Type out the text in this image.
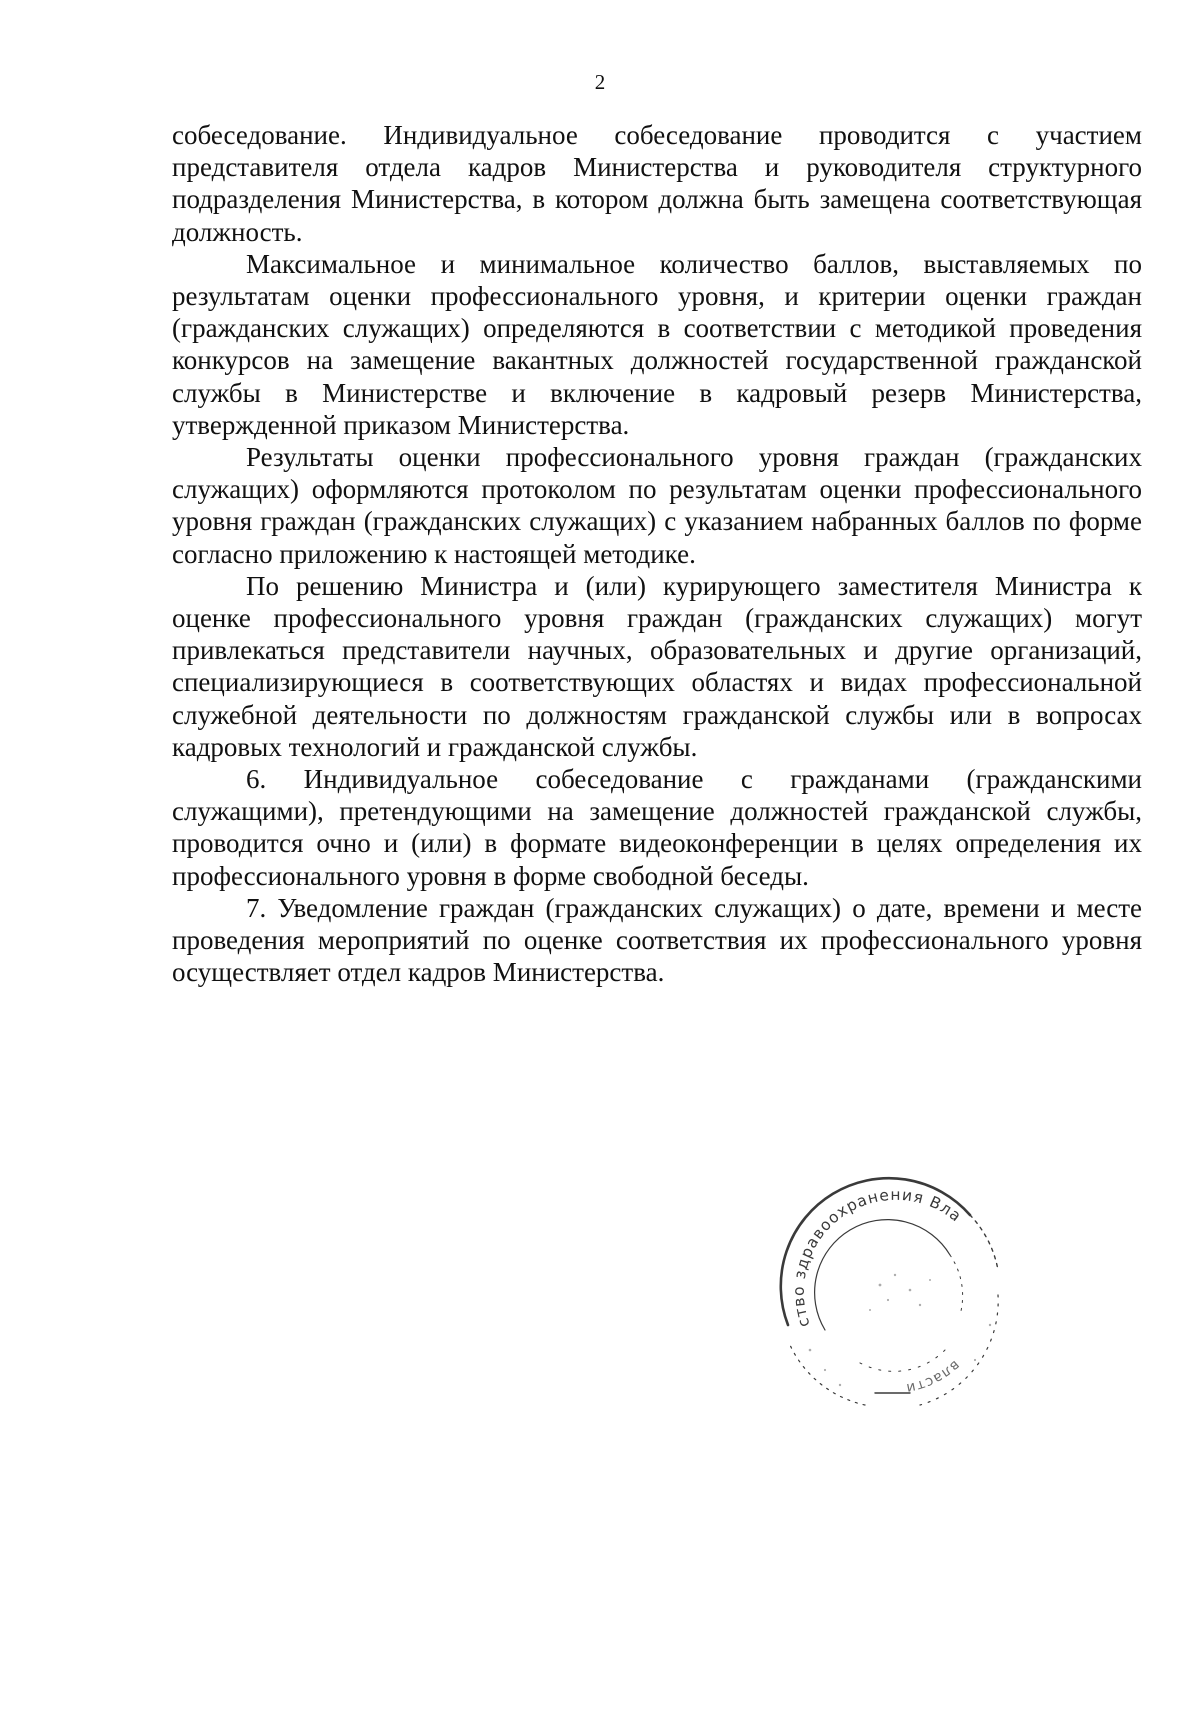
2

собеседование. Индивидуальное собеседование проводится с участием представителя отдела кадров Министерства и руководителя структурного подразделения Министерства, в котором должна быть замещена соответствующая должность.

Максимальное и минимальное количество баллов, выставляемых по результатам оценки профессионального уровня, и критерии оценки граждан (гражданских служащих) определяются в соответствии с методикой проведения конкурсов на замещение вакантных должностей государственной гражданской службы в Министерстве и включение в кадровый резерв Министерства, утвержденной приказом Министерства.

Результаты оценки профессионального уровня граждан (гражданских служащих) оформляются протоколом по результатам оценки профессионального уровня граждан (гражданских служащих) с указанием набранных баллов по форме согласно приложению к настоящей методике.

По решению Министра и (или) курирующего заместителя Министра к оценке профессионального уровня граждан (гражданских служащих) могут привлекаться представители научных, образовательных и другие организаций, специализирующиеся в соответствующих областях и видах профессиональной служебной деятельности по должностям гражданской службы или в вопросах кадровых технологий и гражданской службы.

6. Индивидуальное собеседование с гражданами (гражданскими служащими), претендующими на замещение должностей гражданской службы, проводится очно и (или) в формате видеоконференции в целях определения их профессионального уровня в форме свободной беседы.

7. Уведомление граждан (гражданских служащих) о дате, времени и месте проведения мероприятий по оценке соответствия их профессионального уровня осуществляет отдел кадров Министерства.

ство здравоохранения Вла
власти
